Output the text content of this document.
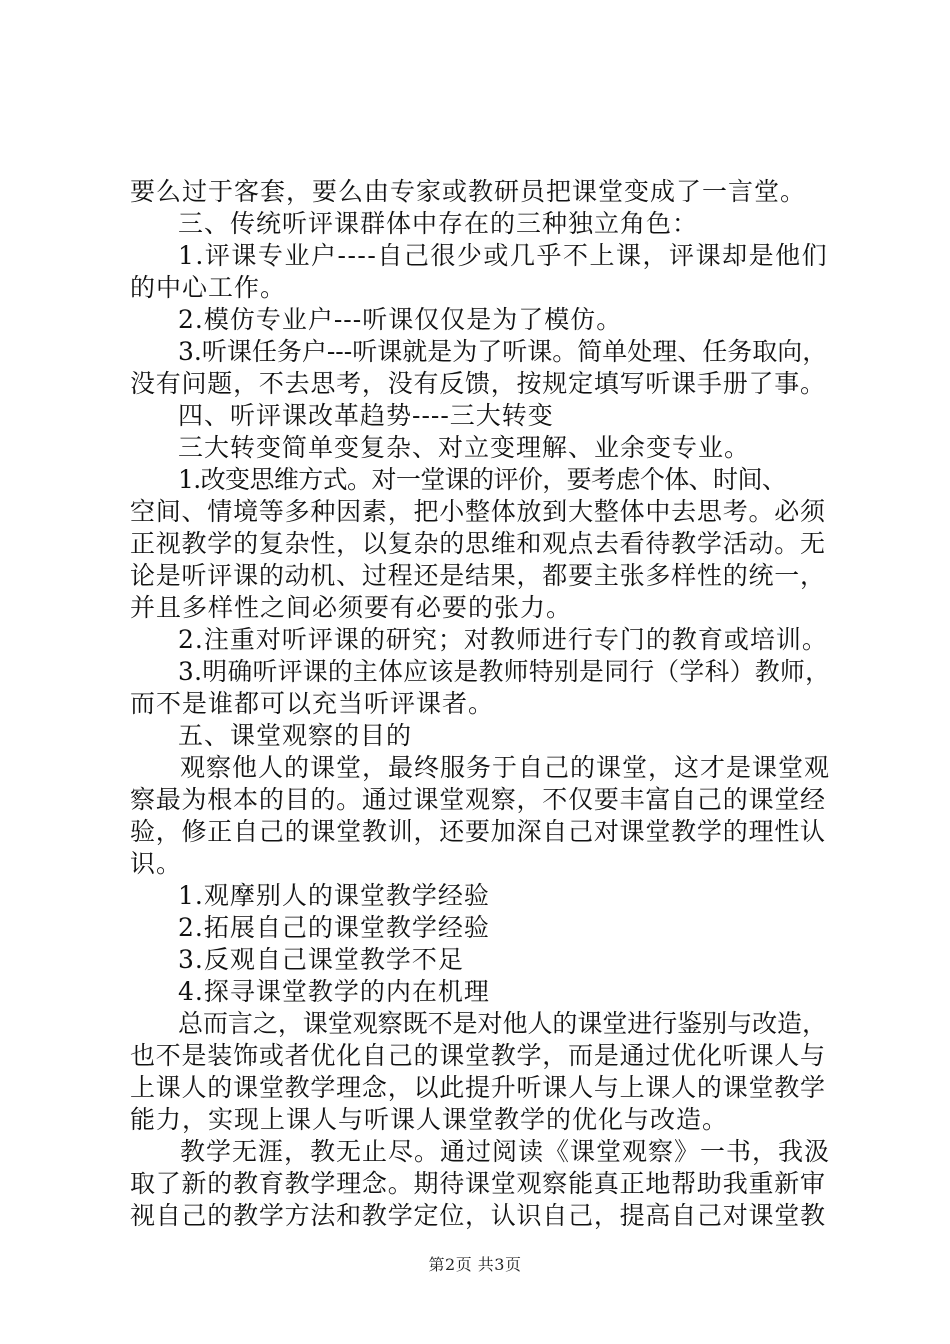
要么过于客套，要么由专家或教研员把课堂变成了一言堂。
三、传统听评课群体中存在的三种独立角色：
1.评课专业户----自己很少或几乎不上课，评课却是他们
的中心工作。
2.模仿专业户---听课仅仅是为了模仿。
3.听课任务户---听课就是为了听课。简单处理、任务取向，
没有问题，不去思考，没有反馈，按规定填写听课手册了事。
四、听评课改革趋势----三大转变
三大转变简单变复杂、对立变理解、业余变专业。
1.改变思维方式。对一堂课的评价，要考虑个体、时间、
空间、情境等多种因素，把小整体放到大整体中去思考。必须
正视教学的复杂性，以复杂的思维和观点去看待教学活动。无
论是听评课的动机、过程还是结果，都要主张多样性的统一，
并且多样性之间必须要有必要的张力。
2.注重对听评课的研究；对教师进行专门的教育或培训。
3.明确听评课的主体应该是教师特别是同行（学科）教师，
而不是谁都可以充当听评课者。
五、课堂观察的目的
观察他人的课堂，最终服务于自己的课堂，这才是课堂观
察最为根本的目的。通过课堂观察，不仅要丰富自己的课堂经
验，修正自己的课堂教训，还要加深自己对课堂教学的理性认
识。
1.观摩别人的课堂教学经验
2.拓展自己的课堂教学经验
3.反观自己课堂教学不足
4.探寻课堂教学的内在机理
总而言之，课堂观察既不是对他人的课堂进行鉴别与改造，
也不是装饰或者优化自己的课堂教学，而是通过优化听课人与
上课人的课堂教学理念，以此提升听课人与上课人的课堂教学
能力，实现上课人与听课人课堂教学的优化与改造。
教学无涯，教无止尽。通过阅读《课堂观察》一书，我汲
取了新的教育教学理念。期待课堂观察能真正地帮助我重新审
视自己的教学方法和教学定位，认识自己，提高自己对课堂教
第2页 共3页
